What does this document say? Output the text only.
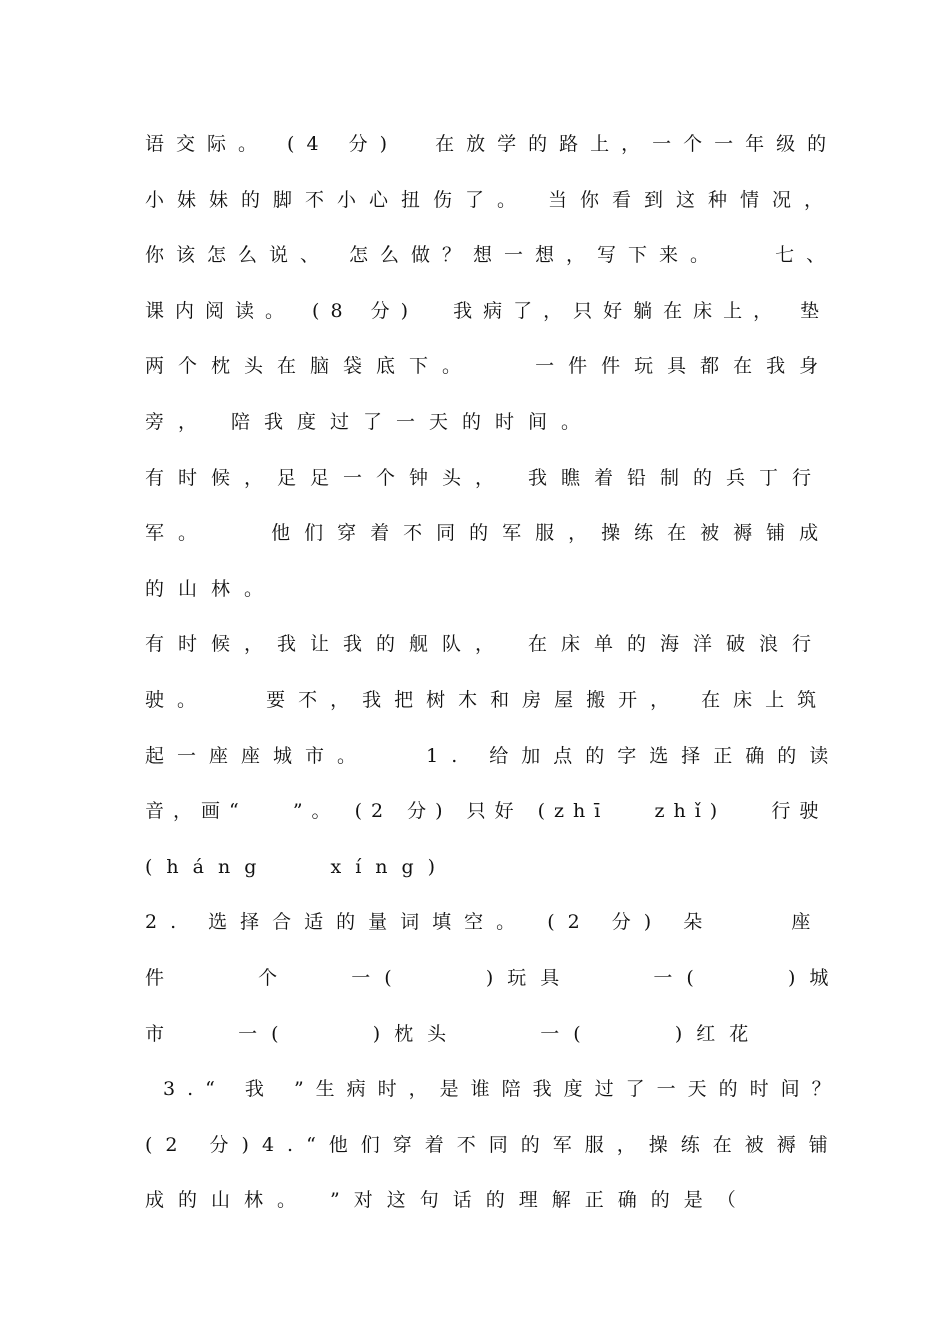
语交际。 (4 分)  在放学的路上，一个一年级的
小妹妹的脚不小心扭伤了。 当你看到这种情况，
你该怎么说、 怎么做？想一想，写下来。   七、
课内阅读。 (8 分)  我病了，只好躺在床上， 垫
两个枕头在脑袋底下。   一件件玩具都在我身
旁， 陪我度过了一天的时间。
有时候，足足一个钟头， 我瞧着铅制的兵丁行
军。   他们穿着不同的军服，操练在被褥铺成
的山林。
有时候，我让我的舰队， 在床单的海洋破浪行
驶。   要不，我把树木和房屋搬开， 在床上筑
起一座座城市。   1. 给加点的字选择正确的读
音，画“   ”。 (2 分) 只好 (zhī   zhǐ)   行驶
(háng   xíng)
2. 选择合适的量词填空。 (2 分) 朵    座
件    个   一(    )玩具    一(    )城
市   一(    )枕头    一(    )红花
3.“ 我 ”生病时，是谁陪我度过了一天的时间？
(2 分)4.“他们穿着不同的军服，操练在被褥铺
成的山林。 ”对这句话的理解正确的是（
